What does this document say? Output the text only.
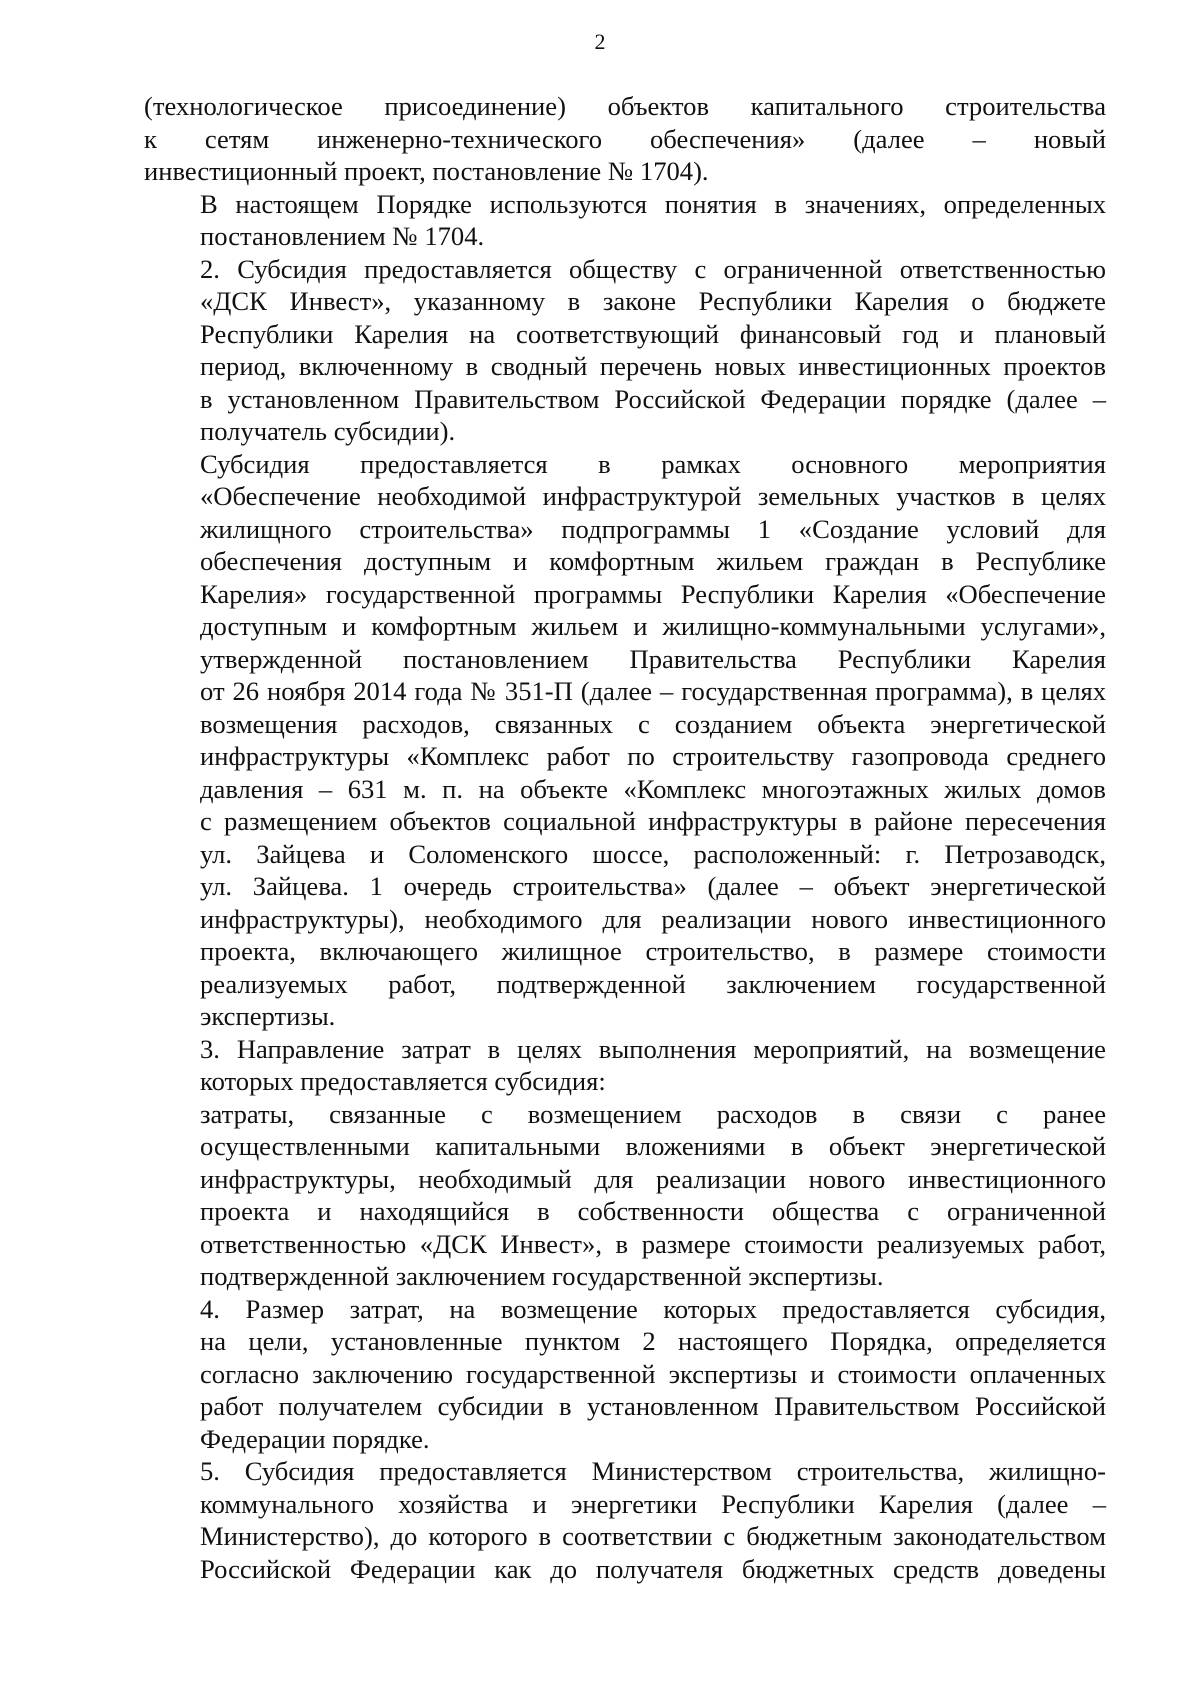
2
(технологическое присоединение) объектов капитального строительства
к сетям инженерно-технического обеспечения» (далее – новый
инвестиционный проект, постановление № 1704).
В настоящем Порядке используются понятия в значениях, определенных
постановлением № 1704.
2. Субсидия предоставляется обществу с ограниченной ответственностью
«ДСК Инвест», указанному в законе Республики Карелия о бюджете
Республики Карелия на соответствующий финансовый год и плановый
период, включенному в сводный перечень новых инвестиционных проектов
в установленном Правительством Российской Федерации порядке (далее –
получатель субсидии).
Субсидия предоставляется в рамках основного мероприятия
«Обеспечение необходимой инфраструктурой земельных участков в целях
жилищного строительства» подпрограммы 1 «Создание условий для
обеспечения доступным и комфортным жильем граждан в Республике
Карелия» государственной программы Республики Карелия «Обеспечение
доступным и комфортным жильем и жилищно-коммунальными услугами»,
утвержденной постановлением Правительства Республики Карелия
от 26 ноября 2014 года № 351-П (далее – государственная программа), в целях
возмещения расходов, связанных с созданием объекта энергетической
инфраструктуры «Комплекс работ по строительству газопровода среднего
давления – 631 м. п. на объекте «Комплекс многоэтажных жилых домов
с размещением объектов социальной инфраструктуры в районе пересечения
ул. Зайцева и Соломенского шоссе, расположенный: г. Петрозаводск,
ул. Зайцева. 1 очередь строительства» (далее – объект энергетической
инфраструктуры), необходимого для реализации нового инвестиционного
проекта, включающего жилищное строительство, в размере стоимости
реализуемых работ, подтвержденной заключением государственной
экспертизы.
3. Направление затрат в целях выполнения мероприятий, на возмещение
которых предоставляется субсидия:
затраты, связанные с возмещением расходов в связи с ранее
осуществленными капитальными вложениями в объект энергетической
инфраструктуры, необходимый для реализации нового инвестиционного
проекта и находящийся в собственности общества с ограниченной
ответственностью «ДСК Инвест», в размере стоимости реализуемых работ,
подтвержденной заключением государственной экспертизы.
4. Размер затрат, на возмещение которых предоставляется субсидия,
на цели, установленные пунктом 2 настоящего Порядка, определяется
согласно заключению государственной экспертизы и стоимости оплаченных
работ получателем субсидии в установленном Правительством Российской
Федерации порядке.
5. Субсидия предоставляется Министерством строительства, жилищно-
коммунального хозяйства и энергетики Республики Карелия (далее –
Министерство), до которого в соответствии с бюджетным законодательством
Российской Федерации как до получателя бюджетных средств доведены
